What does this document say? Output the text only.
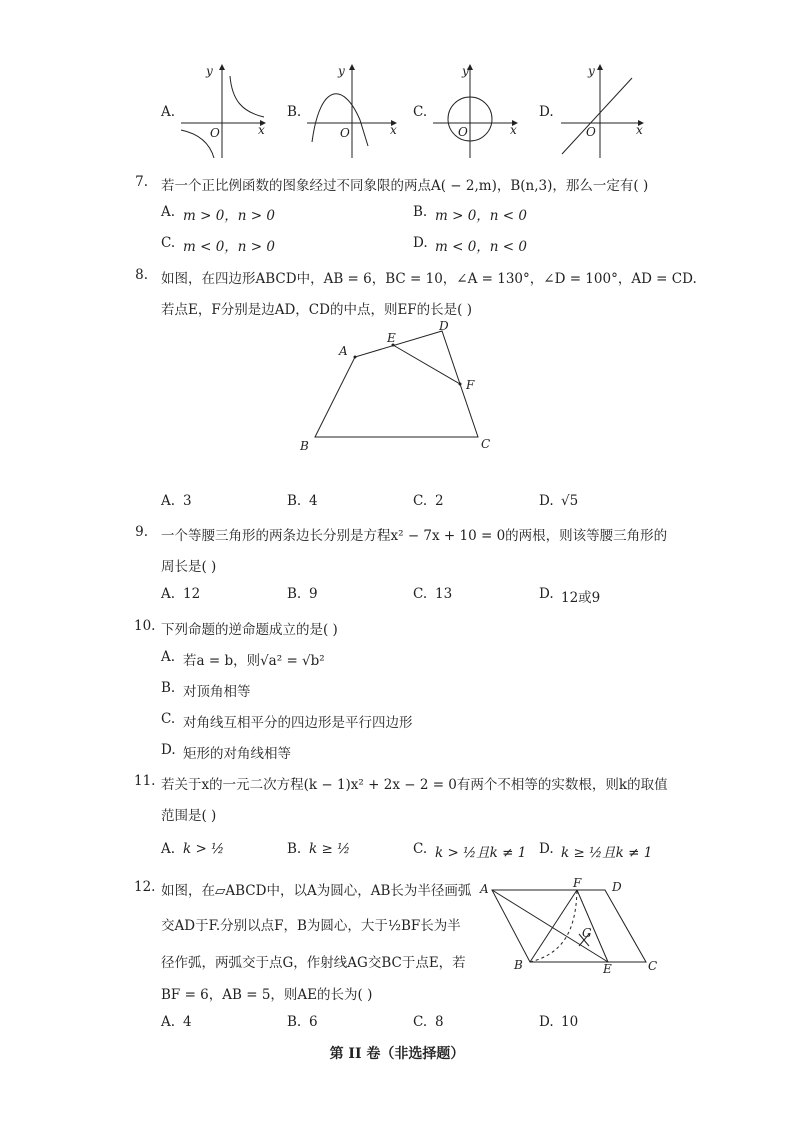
A.
y
x
O
B.
y
x
O
C.
y
x
O
D.
y
x
O
7. 若一个正比例函数的图象经过不同象限的两点A( − 2,m)，B(n,3)，那么一定有( )
A. m > 0，n > 0	B. m > 0，n < 0
C. m < 0，n > 0	D. m < 0，n < 0
8. 如图，在四边形ABCD中，AB = 6，BC = 10，∠A = 130°，∠D = 100°，AD = CD.
若点E，F分别是边AD，CD的中点，则EF的长是( )
A
B	C
D
E
F
A. 3	B. 4	C. 2	D. √5
9. 一个等腰三角形的两条边长分别是方程x² − 7x + 10 = 0的两根，则该等腰三角形的
周长是( )
A. 12	B. 9	C. 13	D. 12或9
10. 下列命题的逆命题成立的是( )
A. 若a = b，则√a² = √b²
B. 对顶角相等
C. 对角线互相平分的四边形是平行四边形
D. 矩形的对角线相等
11. 若关于x的一元二次方程(k − 1)x² + 2x − 2 = 0有两个不相等的实数根，则k的取值
范围是( )
A. k > ½	B. k ≥ ½	C. k > ½且k ≠ 1 D. k ≥ ½且k ≠ 1
12. 如图，在▱ABCD中，以A为圆心，AB长为半径画弧
交AD于F.分别以点F，B为圆心，大于½BF长为半
径作弧，两弧交于点G，作射线AG交BC于点E，若
BF = 6，AB = 5，则AE的长为( )
A
B	C
D
E
F
G
A. 4	B. 6	C. 8	D. 10
第 II 卷（非选择题）
